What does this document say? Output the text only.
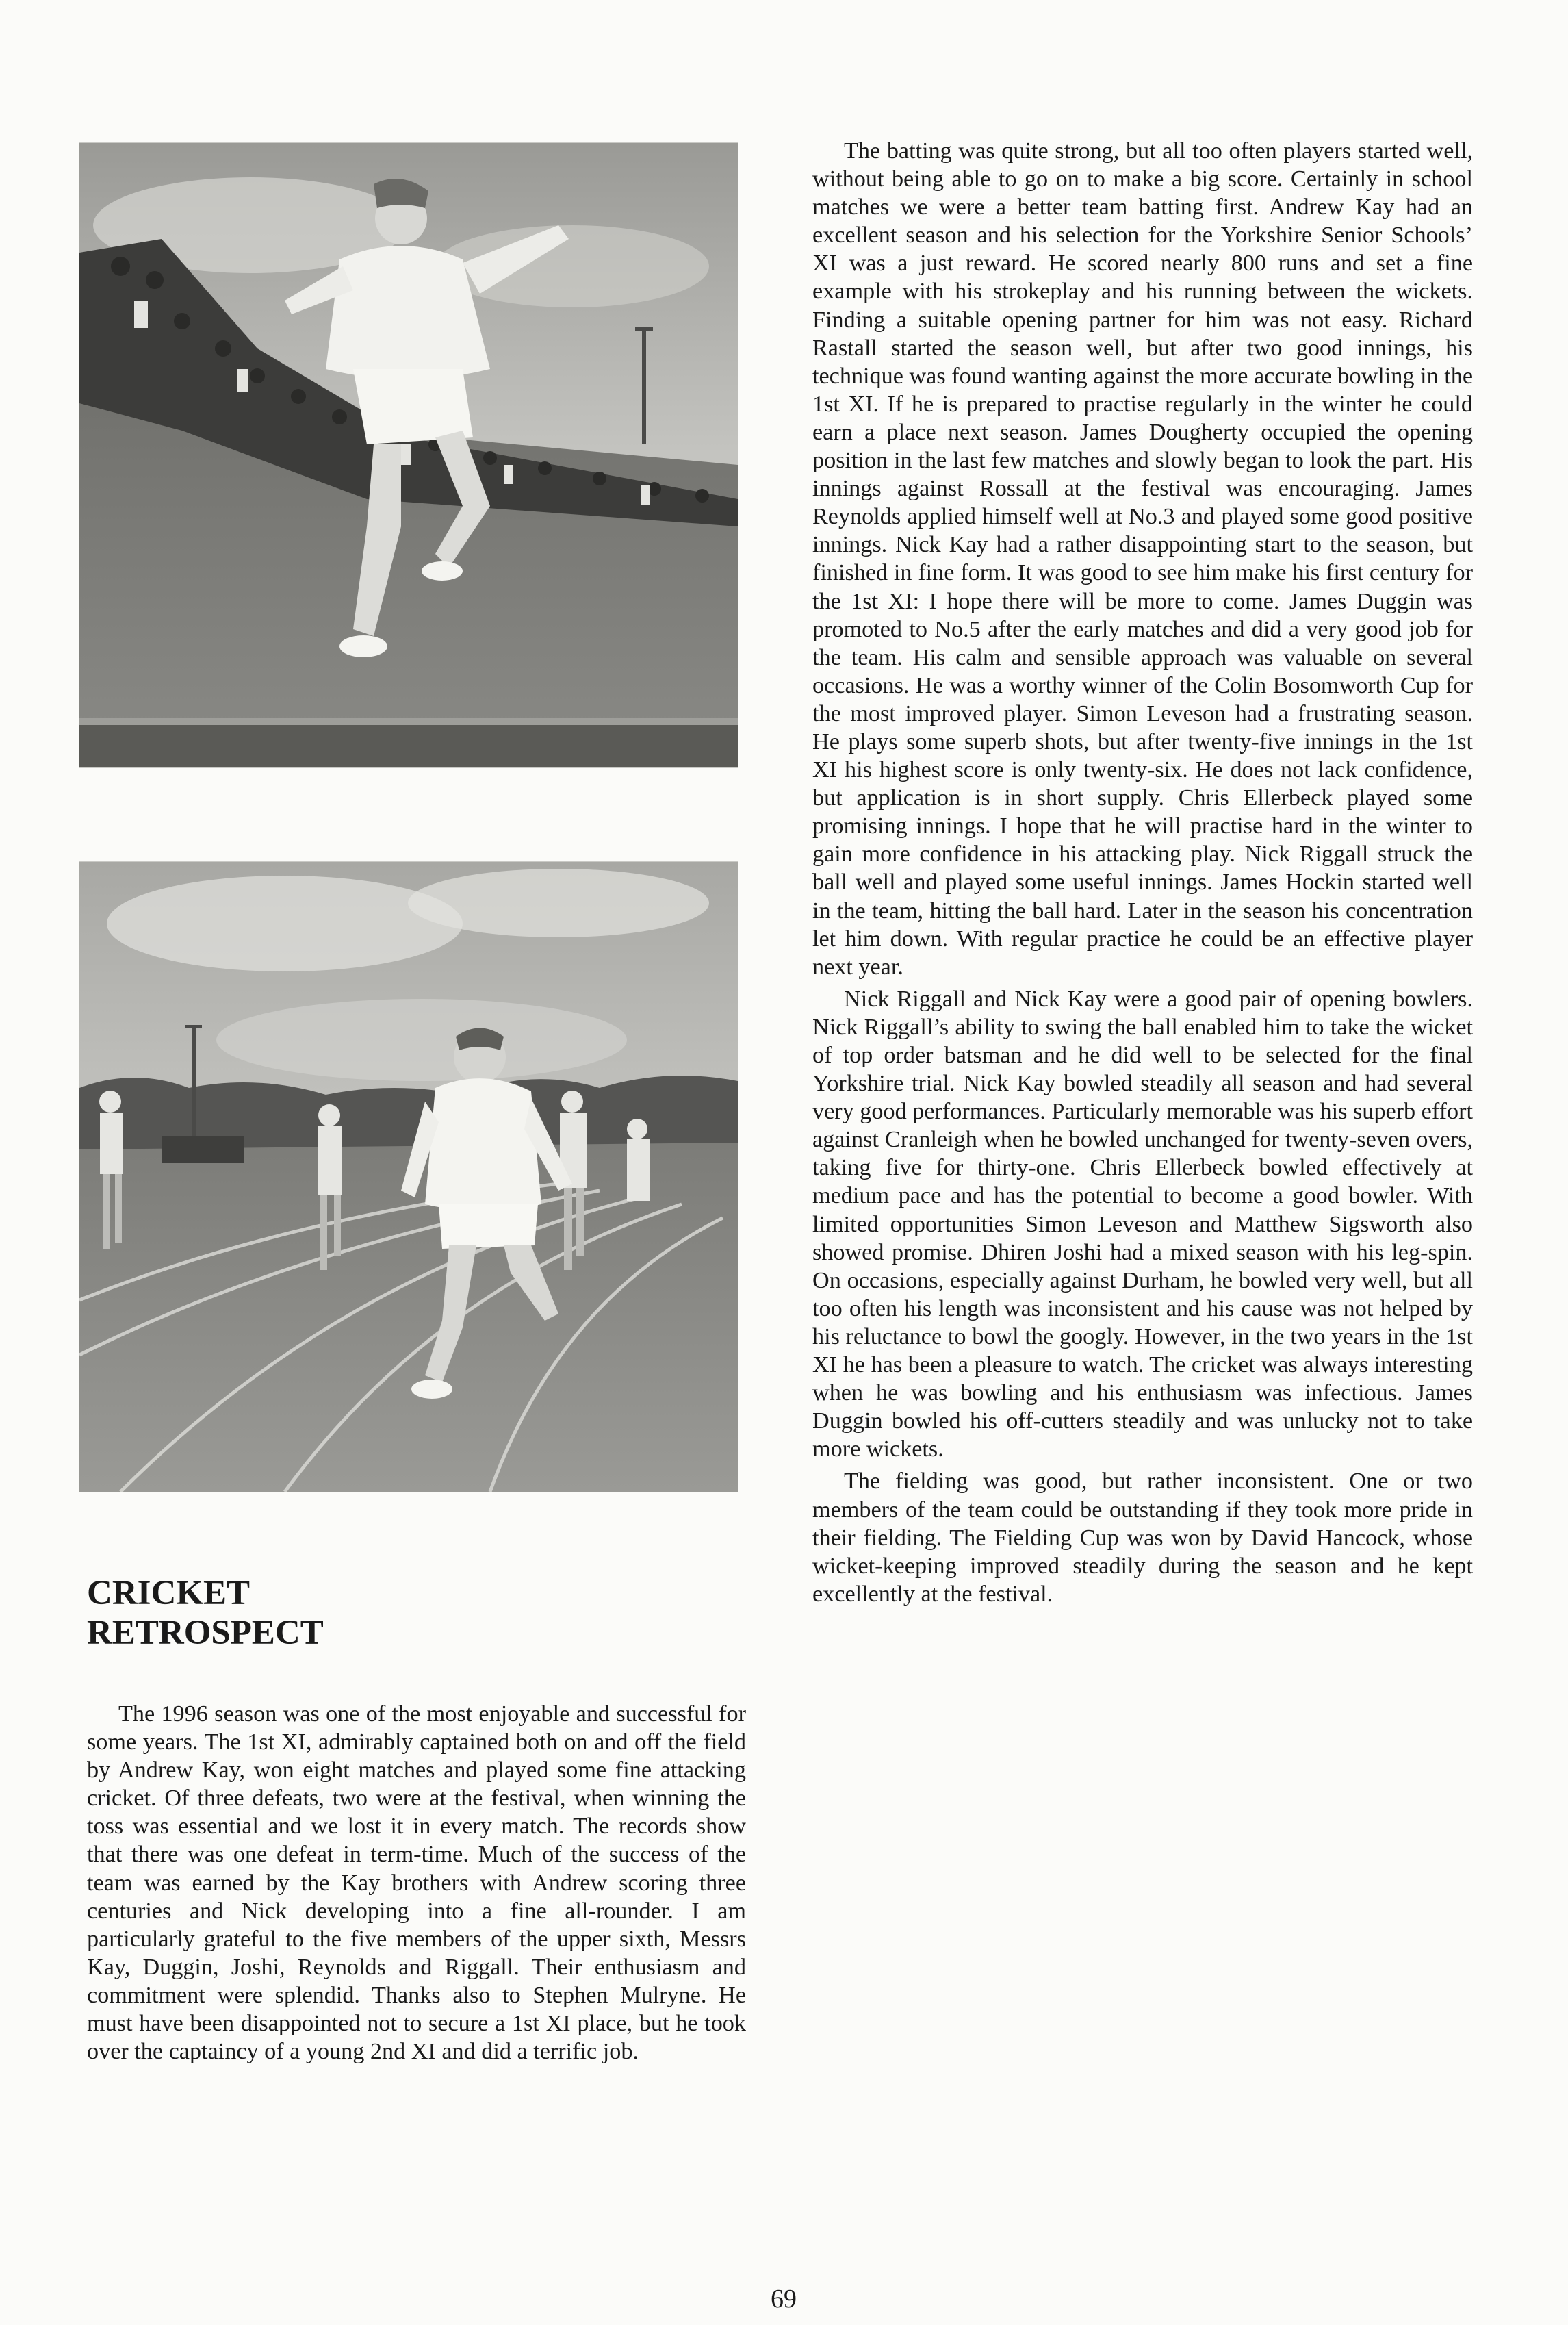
CRICKET
RETROSPECT

The 1996 season was one of the most enjoyable and successful for some years. The 1st XI, admirably captained both on and off the field by Andrew Kay, won eight matches and played some fine attacking cricket. Of three defeats, two were at the festival, when winning the toss was essential and we lost it in every match. The records show that there was one defeat in term-time. Much of the success of the team was earned by the Kay brothers with Andrew scoring three centuries and Nick developing into a fine all-rounder. I am particularly grateful to the five members of the upper sixth, Messrs Kay, Duggin, Joshi, Reynolds and Riggall. Their enthusiasm and commitment were splendid. Thanks also to Stephen Mulryne. He must have been disappointed not to secure a 1st XI place, but he took over the captaincy of a young 2nd XI and did a terrific job.

The batting was quite strong, but all too often players started well, without being able to go on to make a big score. Certainly in school matches we were a better team batting first. Andrew Kay had an excellent season and his selection for the Yorkshire Senior Schools’ XI was a just reward. He scored nearly 800 runs and set a fine example with his strokeplay and his running between the wickets. Finding a suitable opening partner for him was not easy. Richard Rastall started the season well, but after two good innings, his technique was found wanting against the more accurate bowling in the 1st XI. If he is prepared to practise regularly in the winter he could earn a place next season. James Dougherty occupied the opening position in the last few matches and slowly began to look the part. His innings against Rossall at the festival was encouraging. James Reynolds applied himself well at No.3 and played some good positive innings. Nick Kay had a rather disappointing start to the season, but finished in fine form. It was good to see him make his first century for the 1st XI: I hope there will be more to come. James Duggin was promoted to No.5 after the early matches and did a very good job for the team. His calm and sensible approach was valuable on several occasions. He was a worthy winner of the Colin Bosomworth Cup for the most improved player. Simon Leveson had a frustrating season. He plays some superb shots, but after twenty-five innings in the 1st XI his highest score is only twenty-six. He does not lack confidence, but application is in short supply. Chris Ellerbeck played some promising innings. I hope that he will practise hard in the winter to gain more confidence in his attacking play. Nick Riggall struck the ball well and played some useful innings. James Hockin started well in the team, hitting the ball hard. Later in the season his concentration let him down. With regular practice he could be an effective player next year.

Nick Riggall and Nick Kay were a good pair of opening bowlers. Nick Riggall’s ability to swing the ball enabled him to take the wicket of top order batsman and he did well to be selected for the final Yorkshire trial. Nick Kay bowled steadily all season and had several very good performances. Particularly memorable was his superb effort against Cranleigh when he bowled unchanged for twenty-seven overs, taking five for thirty-one. Chris Ellerbeck bowled effectively at medium pace and has the potential to become a good bowler. With limited opportunities Simon Leveson and Matthew Sigsworth also showed promise. Dhiren Joshi had a mixed season with his leg-spin. On occasions, especially against Durham, he bowled very well, but all too often his length was inconsistent and his cause was not helped by his reluctance to bowl the googly. However, in the two years in the 1st XI he has been a pleasure to watch. The cricket was always interesting when he was bowling and his enthusiasm was infectious. James Duggin bowled his off-cutters steadily and was unlucky not to take more wickets.

The fielding was good, but rather inconsistent. One or two members of the team could be outstanding if they took more pride in their fielding. The Fielding Cup was won by David Hancock, whose wicket-keeping improved steadily during the season and he kept excellently at the festival.

69
